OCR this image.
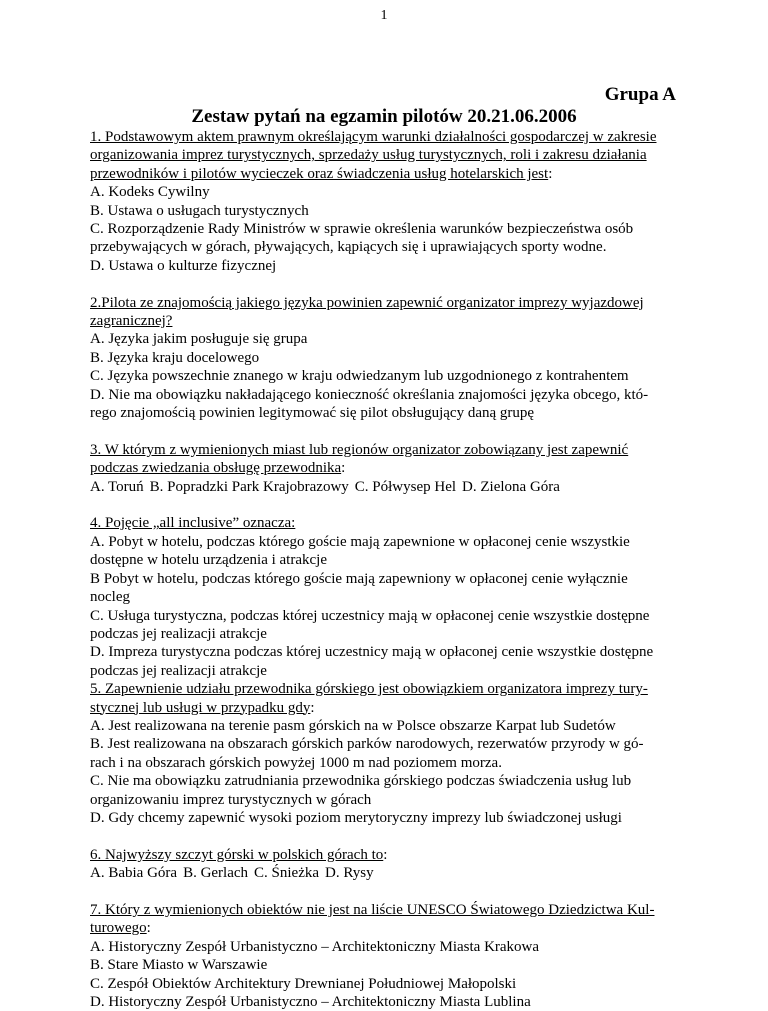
1
Grupa A
Zestaw pytań na egzamin pilotów 20.21.06.2006
1. Podstawowym aktem prawnym określającym warunki działalności gospodarczej w zakresie
organizowania imprez turystycznych, sprzedaży usług turystycznych, roli i zakresu działania
przewodników i pilotów wycieczek oraz świadczenia usług hotelarskich jest:
A. Kodeks Cywilny
B. Ustawa o usługach turystycznych
C. Rozporządzenie Rady Ministrów w sprawie określenia warunków bezpieczeństwa osób
przebywających w górach, pływających, kąpiących się i uprawiających sporty wodne.
D. Ustawa o kulturze fizycznej
2.Pilota ze znajomością jakiego języka powinien zapewnić organizator imprezy wyjazdowej
zagranicznej?
A. Języka jakim posługuje się grupa
B. Języka kraju docelowego
C. Języka powszechnie znanego w kraju odwiedzanym lub uzgodnionego z kontrahentem
D. Nie ma obowiązku nakładającego konieczność określania znajomości języka obcego, któ-
rego znajomością powinien legitymować się pilot obsługujący daną grupę
3. W którym z wymienionych miast lub regionów organizator zobowiązany jest zapewnić
podczas zwiedzania obsługę przewodnika:
A. Toruń B. Popradzki Park Krajobrazowy C. Półwysep Hel D. Zielona Góra
4. Pojęcie „all inclusive” oznacza:
A. Pobyt w hotelu, podczas którego goście mają zapewnione w opłaconej cenie wszystkie
dostępne w hotelu urządzenia i atrakcje
B Pobyt w hotelu, podczas którego goście mają zapewniony w opłaconej cenie wyłącznie
nocleg
C. Usługa turystyczna, podczas której uczestnicy mają w opłaconej cenie wszystkie dostępne
podczas jej realizacji atrakcje
D. Impreza turystyczna podczas której uczestnicy mają w opłaconej cenie wszystkie dostępne
podczas jej realizacji atrakcje
5. Zapewnienie udziału przewodnika górskiego jest obowiązkiem organizatora imprezy tury-
stycznej lub usługi w przypadku gdy:
A. Jest realizowana na terenie pasm górskich na w Polsce obszarze Karpat lub Sudetów
B. Jest realizowana na obszarach górskich parków narodowych, rezerwatów przyrody w gó-
rach i na obszarach górskich powyżej 1000 m nad poziomem morza.
C. Nie ma obowiązku zatrudniania przewodnika górskiego podczas świadczenia usług lub
organizowaniu imprez turystycznych w górach
D. Gdy chcemy zapewnić wysoki poziom merytoryczny imprezy lub świadczonej usługi
6. Najwyższy szczyt górski w polskich górach to:
A. Babia Góra B. Gerlach C. Śnieżka D. Rysy
7. Który z wymienionych obiektów nie jest na liście UNESCO Światowego Dziedzictwa Kul-
turowego:
A. Historyczny Zespół Urbanistyczno – Architektoniczny Miasta Krakowa
B. Stare Miasto w Warszawie
C. Zespół Obiektów Architektury Drewnianej Południowej Małopolski
D. Historyczny Zespół Urbanistyczno – Architektoniczny Miasta Lublina
